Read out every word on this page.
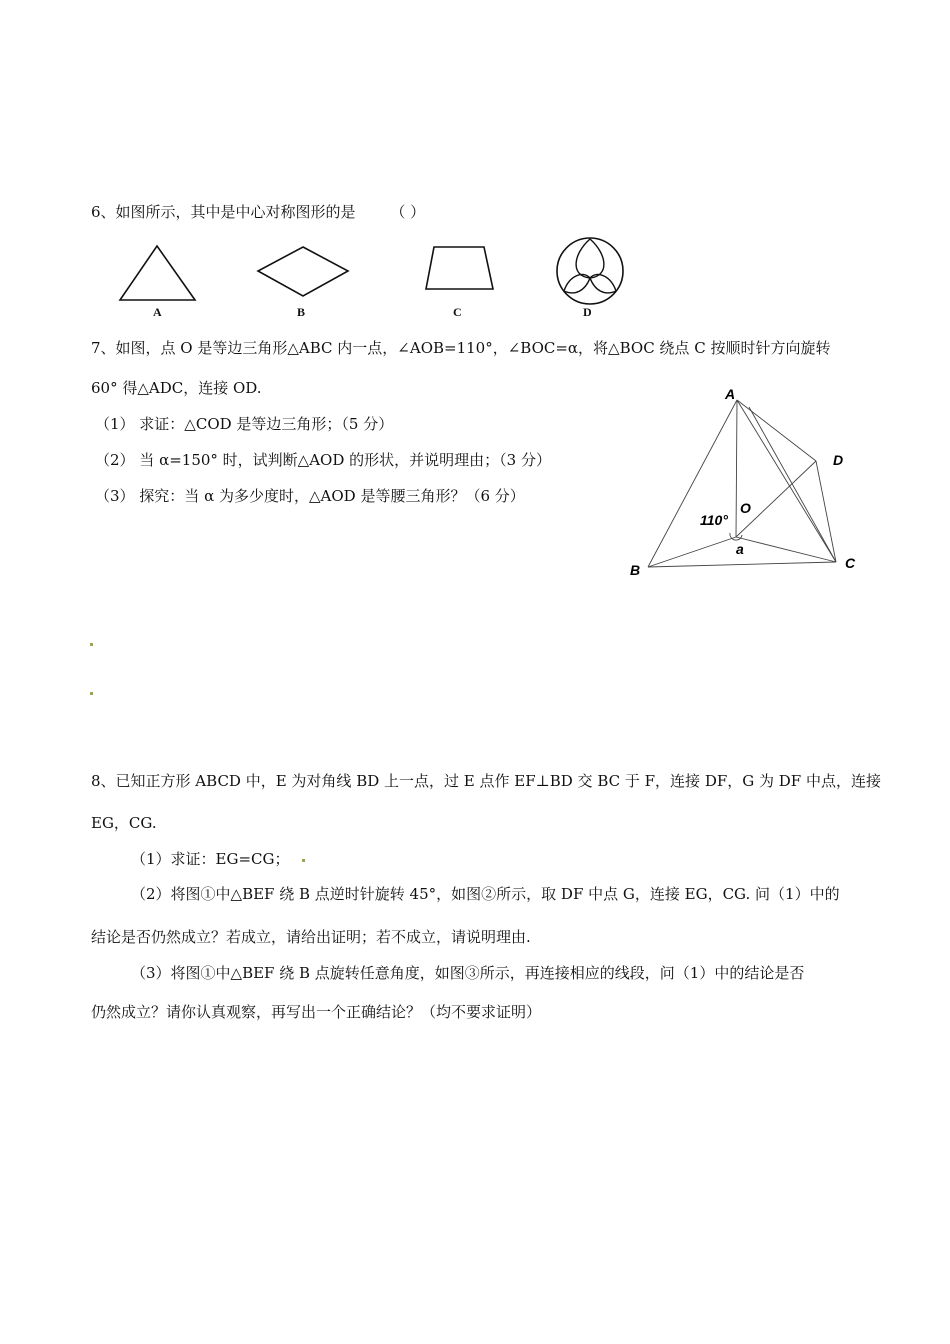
6、如图所示，其中是中心对称图形的是 （ ）
A	B	C	D
7、如图，点 O 是等边三角形△ABC 内一点，∠AOB=110°，∠BOC=α，将△BOC 绕点 C 按顺时针方向旋转
60° 得△ADC，连接 OD.
（1） 求证：△COD 是等边三角形；（5 分）
（2） 当 α=150° 时，试判断△AOD 的形状，并说明理由；（3 分）
（3） 探究：当 α 为多少度时，△AOD 是等腰三角形？（6 分）
A
B	C
D
O
110°
a
8、已知正方形 ABCD 中，E 为对角线 BD 上一点，过 E 点作 EF⊥BD 交 BC 于 F，连接 DF，G 为 DF 中点，连接
EG，CG.
（1）求证：EG=CG；
（2）将图①中△BEF 绕 B 点逆时针旋转 45°，如图②所示，取 DF 中点 G，连接 EG，CG. 问（1）中的
结论是否仍然成立？若成立，请给出证明；若不成立，请说明理由.
（3）将图①中△BEF 绕 B 点旋转任意角度，如图③所示，再连接相应的线段，问（1）中的结论是否
仍然成立？请你认真观察，再写出一个正确结论？（均不要求证明）
